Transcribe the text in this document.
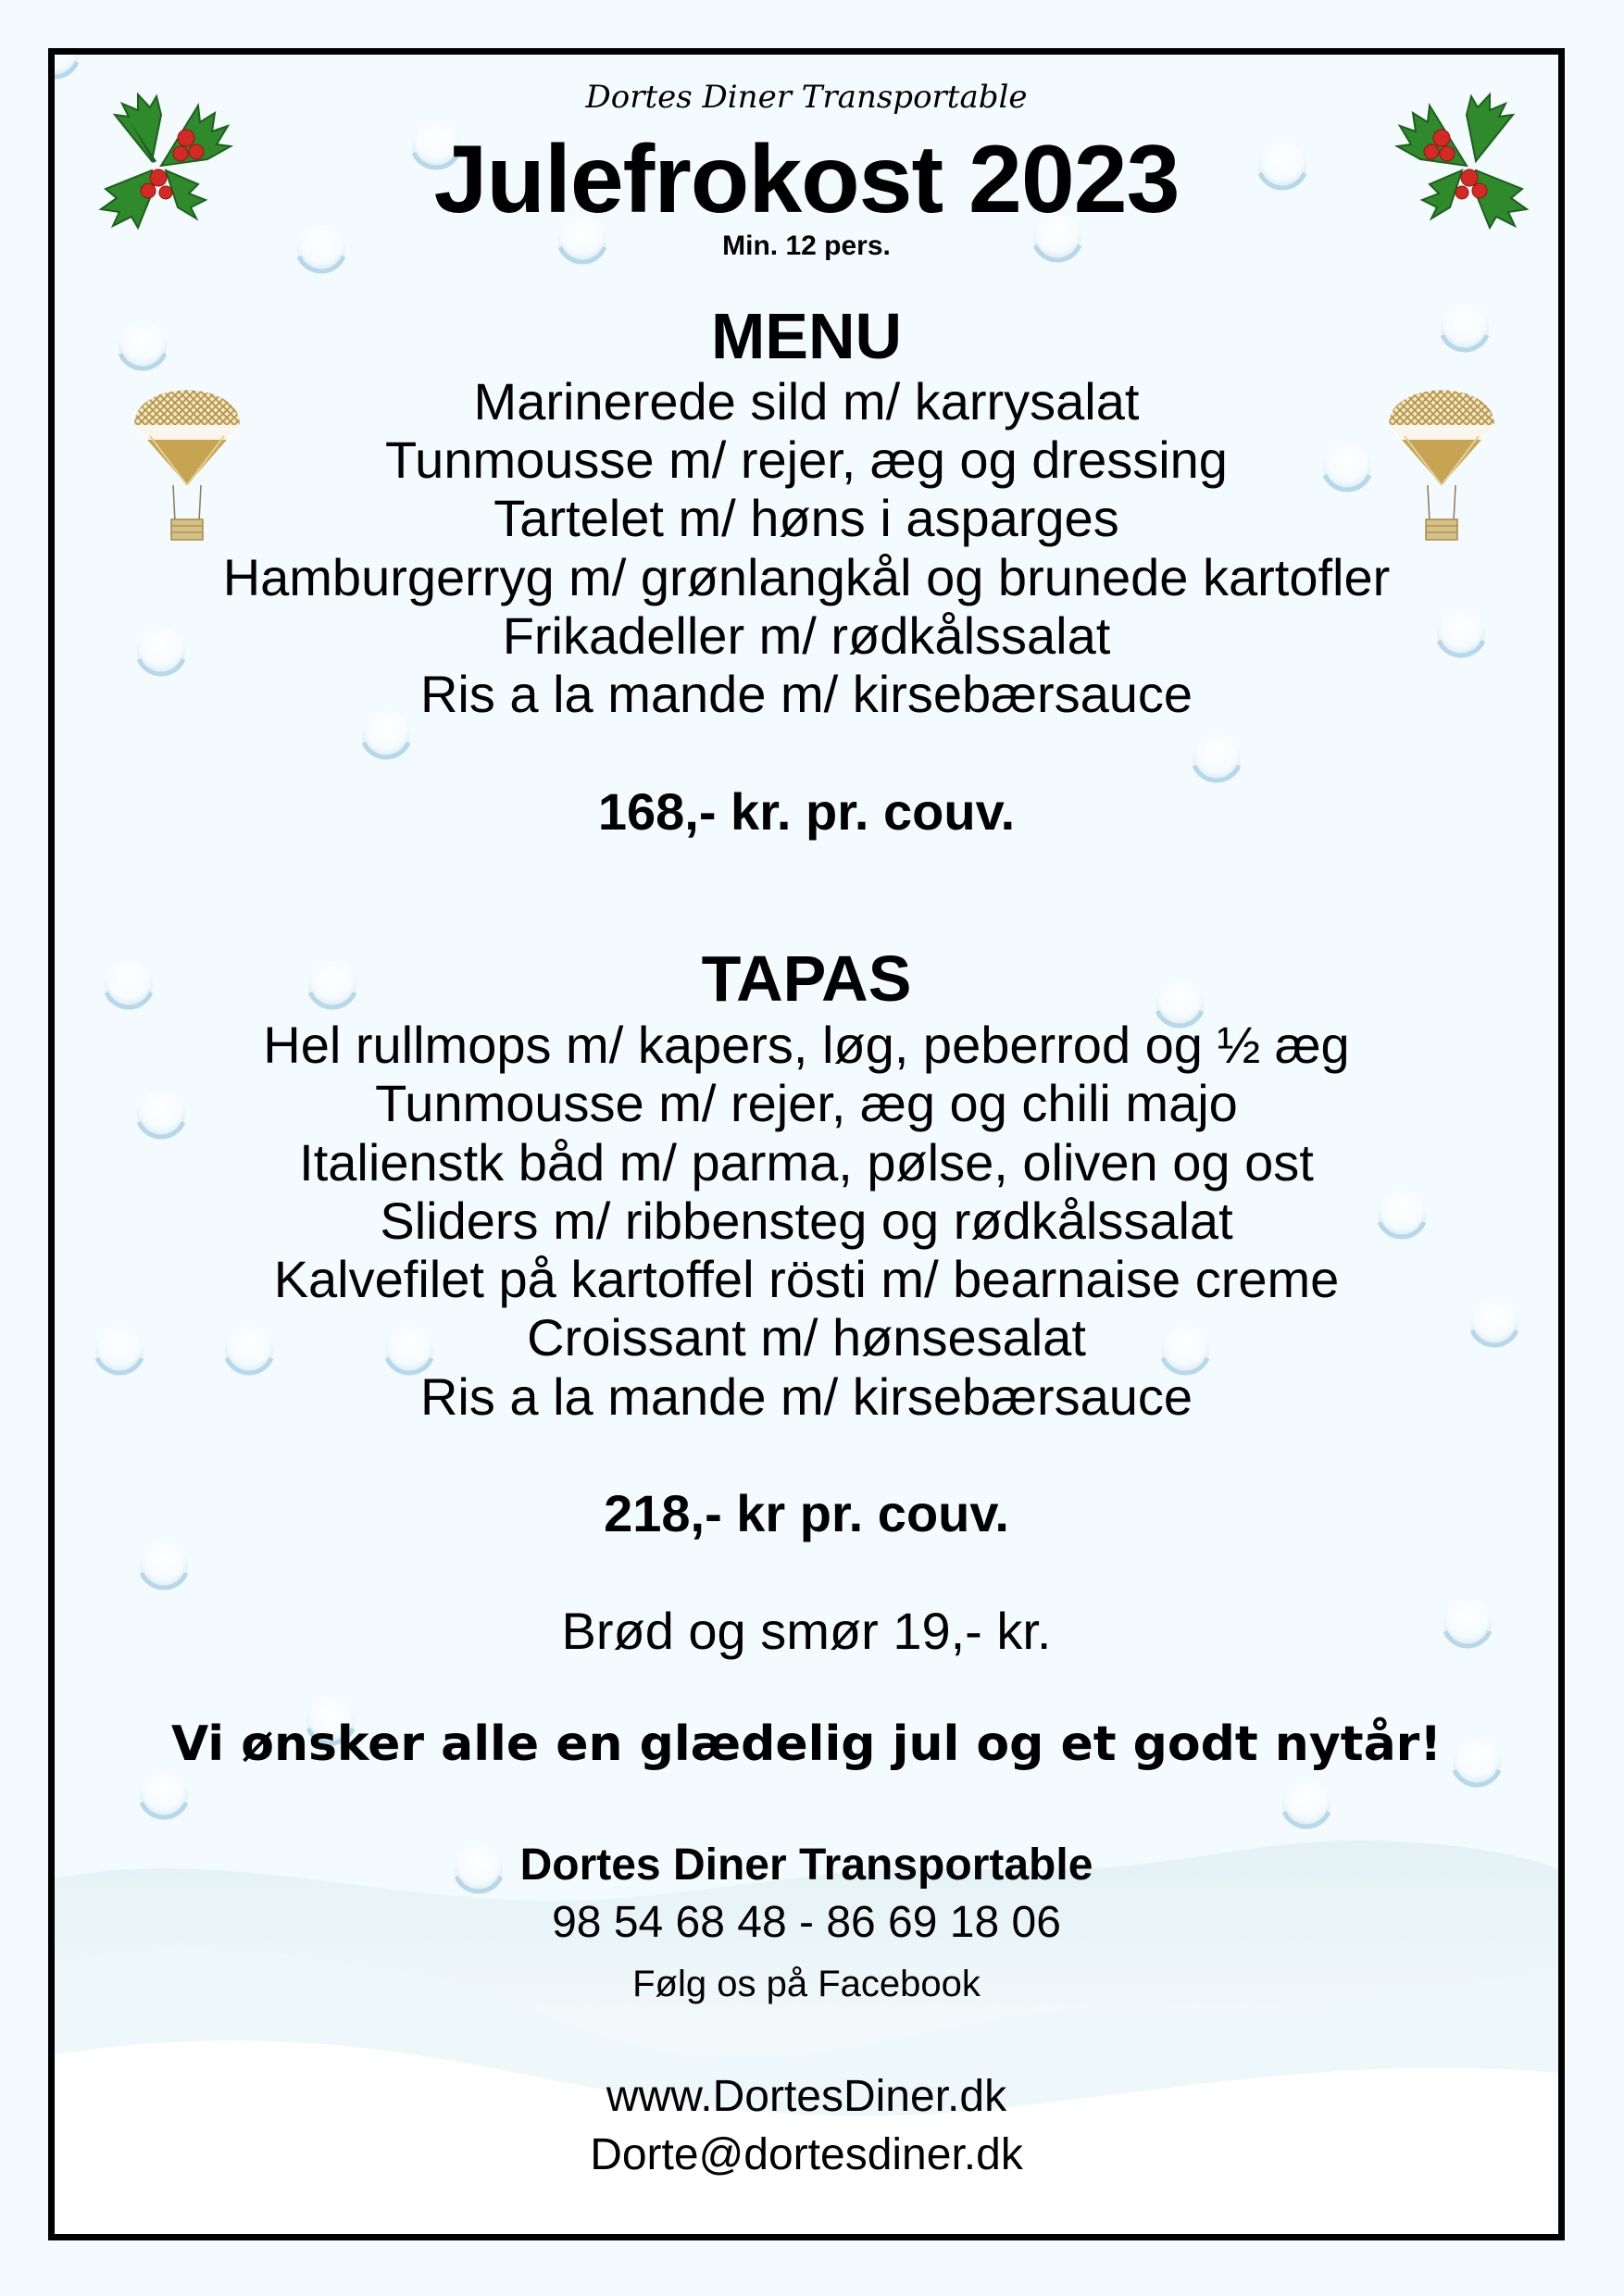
Dortes Diner Transportable
Julefrokost 2023
Min. 12 pers.
MENU
Marinerede sild m/ karrysalat
Tunmousse m/ rejer, æg og dressing
Tartelet m/ høns i asparges
Hamburgerryg m/ grønlangkål og brunede kartofler
Frikadeller m/ rødkålssalat
Ris a la mande m/ kirsebærsauce
168,- kr. pr. couv.
TAPAS
Hel rullmops m/ kapers, løg, peberrod og ½ æg
Tunmousse m/ rejer, æg og chili majo
Italienstk båd m/ parma, pølse, oliven og ost
Sliders m/ ribbensteg og rødkålssalat
Kalvefilet på kartoffel rösti m/ bearnaise creme
Croissant m/ hønsesalat
Ris a la mande m/ kirsebærsauce
218,- kr pr. couv.
Brød og smør 19,- kr.
Vi ønsker alle en glædelig jul og et godt nytår!
Dortes Diner Transportable
98 54 68 48 - 86 69 18 06
Følg os på Facebook
www.DortesDiner.dk
Dorte@dortesdiner.dk
